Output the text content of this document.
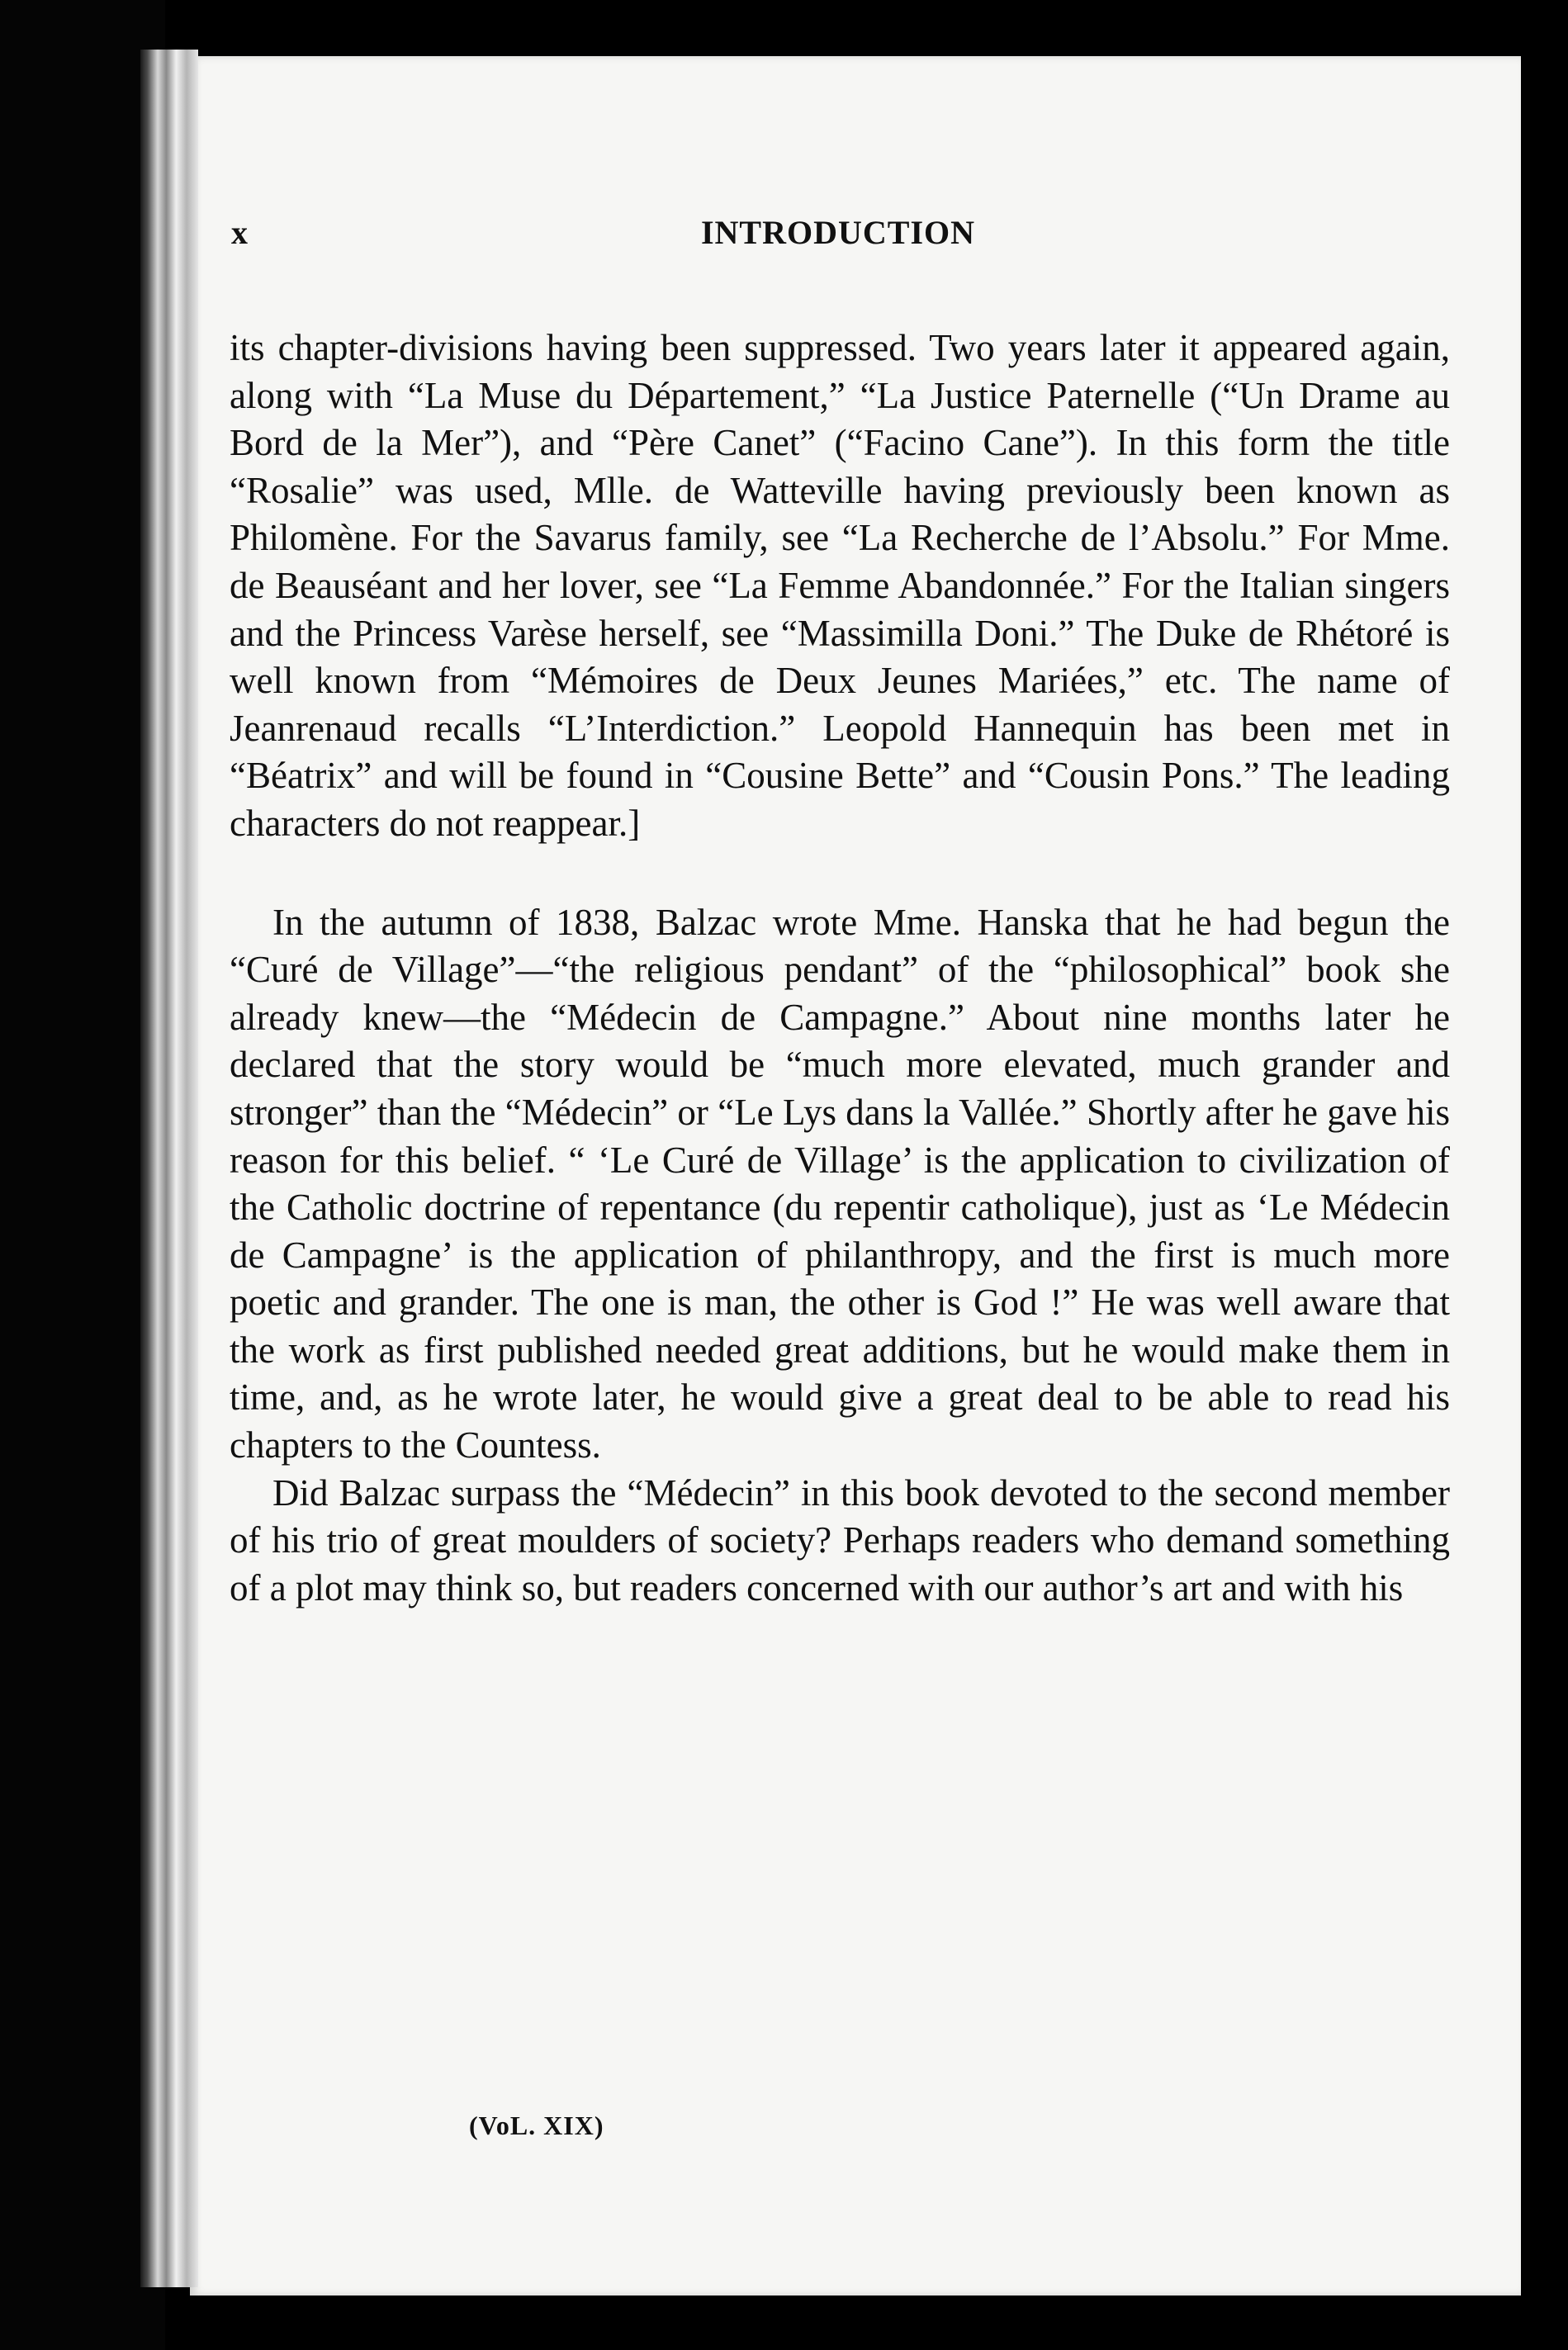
x	INTRODUCTION

its chapter-divisions having been suppressed. Two years later it appeared again, along with “La Muse du Département,” “La Justice Paternelle (“Un Drame au Bord de la Mer”), and “Père Canet” (“Facino Cane”). In this form the title “Rosalie” was used, Mlle. de Watteville having previously been known as Philomène. For the Savarus family, see “La Recherche de l’Absolu.” For Mme. de Beauséant and her lover, see “La Femme Abandonnée.” For the Italian singers and the Princess Varèse herself, see “Massimilla Doni.” The Duke de Rhétoré is well known from “Mémoires de Deux Jeunes Mariées,” etc. The name of Jeanrenaud recalls “L’Interdiction.” Leopold Hannequin has been met in “Béatrix” and will be found in “Cousine Bette” and “Cousin Pons.” The leading characters do not reappear.]

In the autumn of 1838, Balzac wrote Mme. Hanska that he had begun the “Curé de Village”—“the religious pendant” of the “philosophical” book she already knew—the “Médecin de Campagne.” About nine months later he declared that the story would be “much more elevated, much grander and stronger” than the “Médecin” or “Le Lys dans la Vallée.” Shortly after he gave his reason for this belief. “ ‘Le Curé de Village’ is the application to civilization of the Catholic doctrine of repentance (du repentir catholique), just as ‘Le Médecin de Campagne’ is the application of philanthropy, and the first is much more poetic and grander. The one is man, the other is God !” He was well aware that the work as first published needed great additions, but he would make them in time, and, as he wrote later, he would give a great deal to be able to read his chapters to the Countess.

Did Balzac surpass the “Médecin” in this book devoted to the second member of his trio of great moulders of society? Perhaps readers who demand something of a plot may think so, but readers concerned with our author’s art and with his

(VoL. XIX)
